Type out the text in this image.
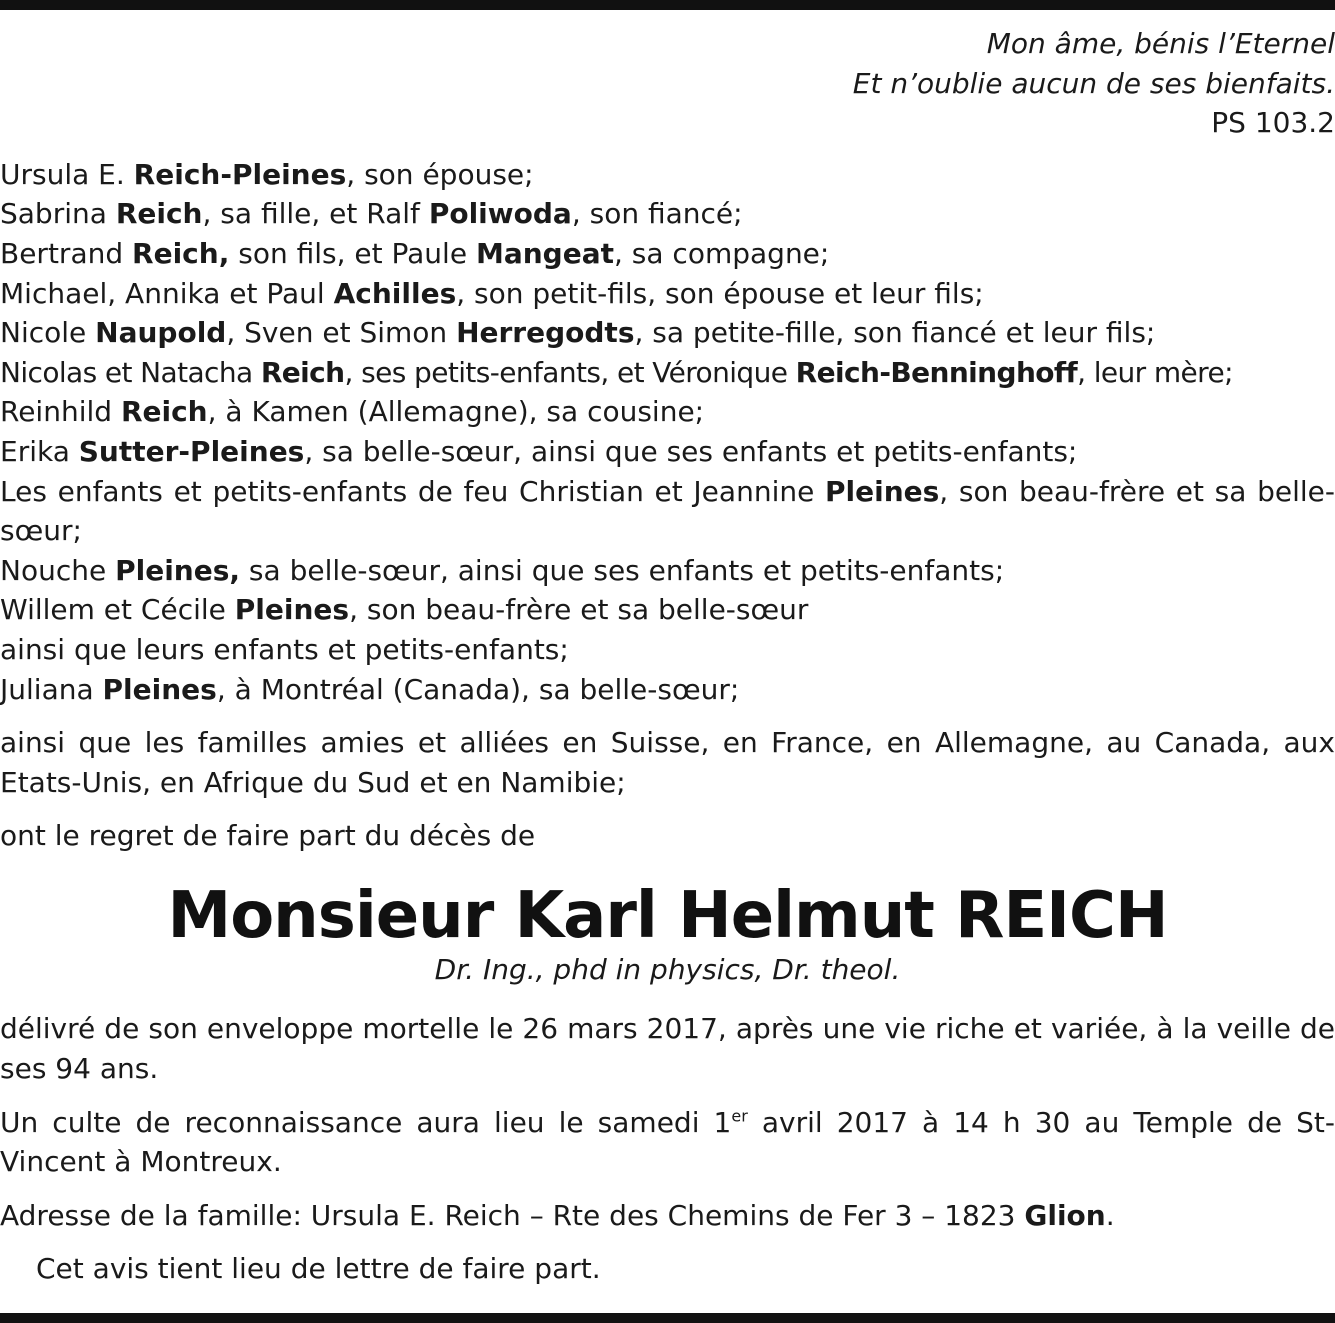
Mon âme, bénis l’Eternel
Et n’oublie aucun de ses bienfaits.
PS 103.2
Ursula E. Reich-Pleines, son épouse;
Sabrina Reich, sa fille, et Ralf Poliwoda, son fiancé;
Bertrand Reich, son fils, et Paule Mangeat, sa compagne;
Michael, Annika et Paul Achilles, son petit-fils, son épouse et leur fils;
Nicole Naupold, Sven et Simon Herregodts, sa petite-fille, son fiancé et leur fils;
Nicolas et Natacha Reich, ses petits-enfants, et Véronique Reich-Benninghoff, leur mère;
Reinhild Reich, à Kamen (Allemagne), sa cousine;
Erika Sutter-Pleines, sa belle-sœur, ainsi que ses enfants et petits-enfants;
Les enfants et petits-enfants de feu Christian et Jeannine Pleines, son beau-frère et sa belle-sœur;
Nouche Pleines, sa belle-sœur, ainsi que ses enfants et petits-enfants;
Willem et Cécile Pleines, son beau-frère et sa belle-sœur
ainsi que leurs enfants et petits-enfants;
Juliana Pleines, à Montréal (Canada), sa belle-sœur;
ainsi que les familles amies et alliées en Suisse, en France, en Allemagne, au Canada, aux Etats-Unis, en Afrique du Sud et en Namibie;
ont le regret de faire part du décès de
Monsieur Karl Helmut REICH
Dr. Ing., phd in physics, Dr. theol.
délivré de son enveloppe mortelle le 26 mars 2017, après une vie riche et variée, à la veille de ses 94 ans.
Un culte de reconnaissance aura lieu le samedi 1er avril 2017 à 14 h 30 au Temple de St-Vincent à Montreux.
Adresse de la famille: Ursula E. Reich – Rte des Chemins de Fer 3 – 1823 Glion.
Cet avis tient lieu de lettre de faire part.
